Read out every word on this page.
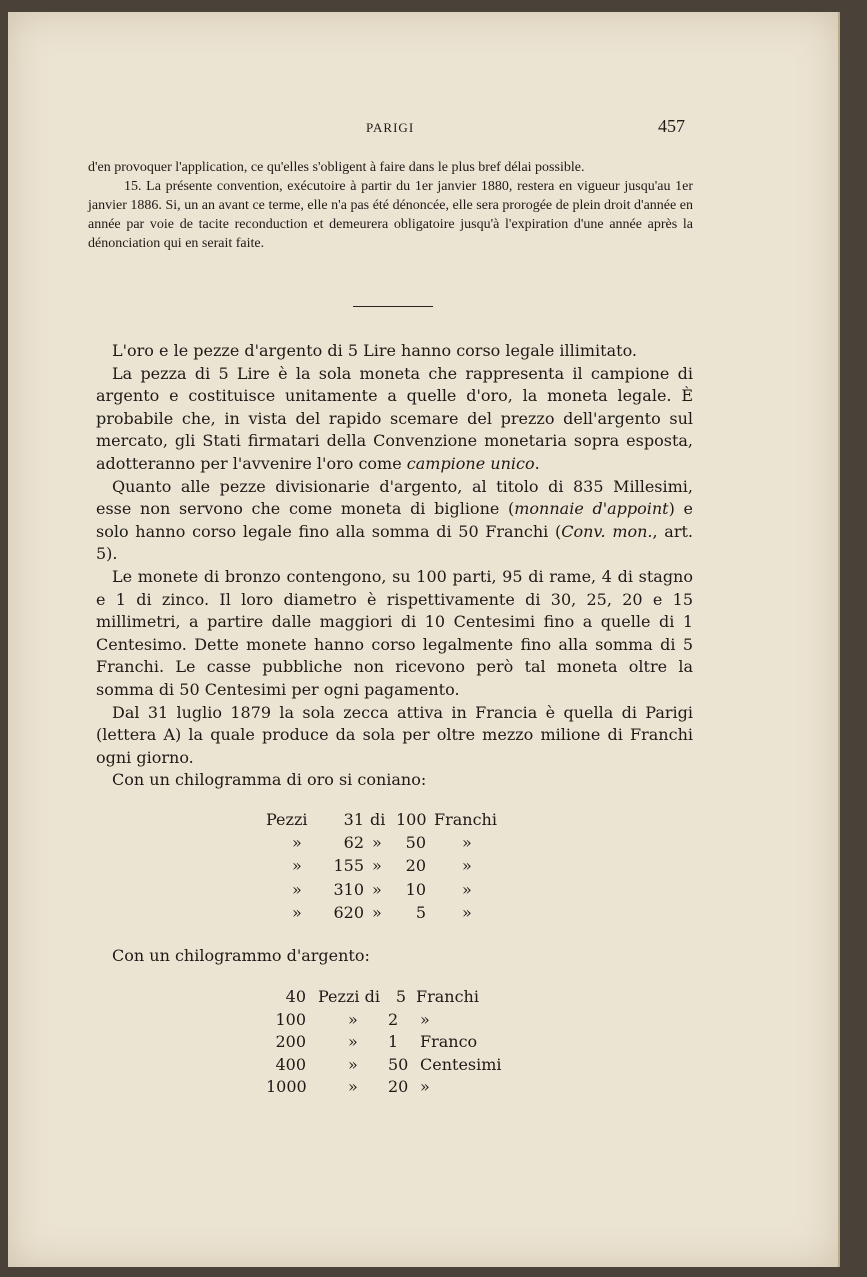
PARIGI	457

d'en provoquer l'application, ce qu'elles s'obligent à faire dans le plus bref délai possible.

15. La présente convention, exécutoire à partir du 1er janvier 1880, restera en vigueur jusqu'au 1er janvier 1886. Si, un an avant ce terme, elle n'a pas été dénoncée, elle sera prorogée de plein droit d'année en année par voie de tacite reconduction et demeurera obligatoire jusqu'à l'expiration d'une année après la dénonciation qui en serait faite.

L'oro e le pezze d'argento di 5 Lire hanno corso legale illimitato.

La pezza di 5 Lire è la sola moneta che rappresenta il campione di argento e costituisce unitamente a quelle d'oro, la moneta legale. È probabile che, in vista del rapido scemare del prezzo dell'argento sul mercato, gli Stati firmatari della Convenzione monetaria sopra esposta, adotteranno per l'avvenire l'oro come campione unico.

Quanto alle pezze divisionarie d'argento, al titolo di 835 Millesimi, esse non servono che come moneta di biglione (monnaie d'appoint) e solo hanno corso legale fino alla somma di 50 Franchi (Conv. mon., art. 5).

Le monete di bronzo contengono, su 100 parti, 95 di rame, 4 di stagno e 1 di zinco. Il loro diametro è rispettivamente di 30, 25, 20 e 15 millimetri, a partire dalle maggiori di 10 Centesimi fino a quelle di 1 Centesimo. Dette monete hanno corso legalmente fino alla somma di 5 Franchi. Le casse pubbliche non ricevono però tal moneta oltre la somma di 50 Centesimi per ogni pagamento.

Dal 31 luglio 1879 la sola zecca attiva in Francia è quella di Parigi (lettera A) la quale produce da sola per oltre mezzo milione di Franchi ogni giorno.

Con un chilogramma di oro si coniano:

Pezzi	31 di 100 Franchi
»	62 »	50 »
»	155 »	20 »
»	310 »	10 »
»	620 »	5 »
Con un chilogrammo d'argento:
40 Pezzi di 5 Franchi
100	»	2	»
200	»	1	Franco
400	»	50 Centesimi
1000	»	20 »
